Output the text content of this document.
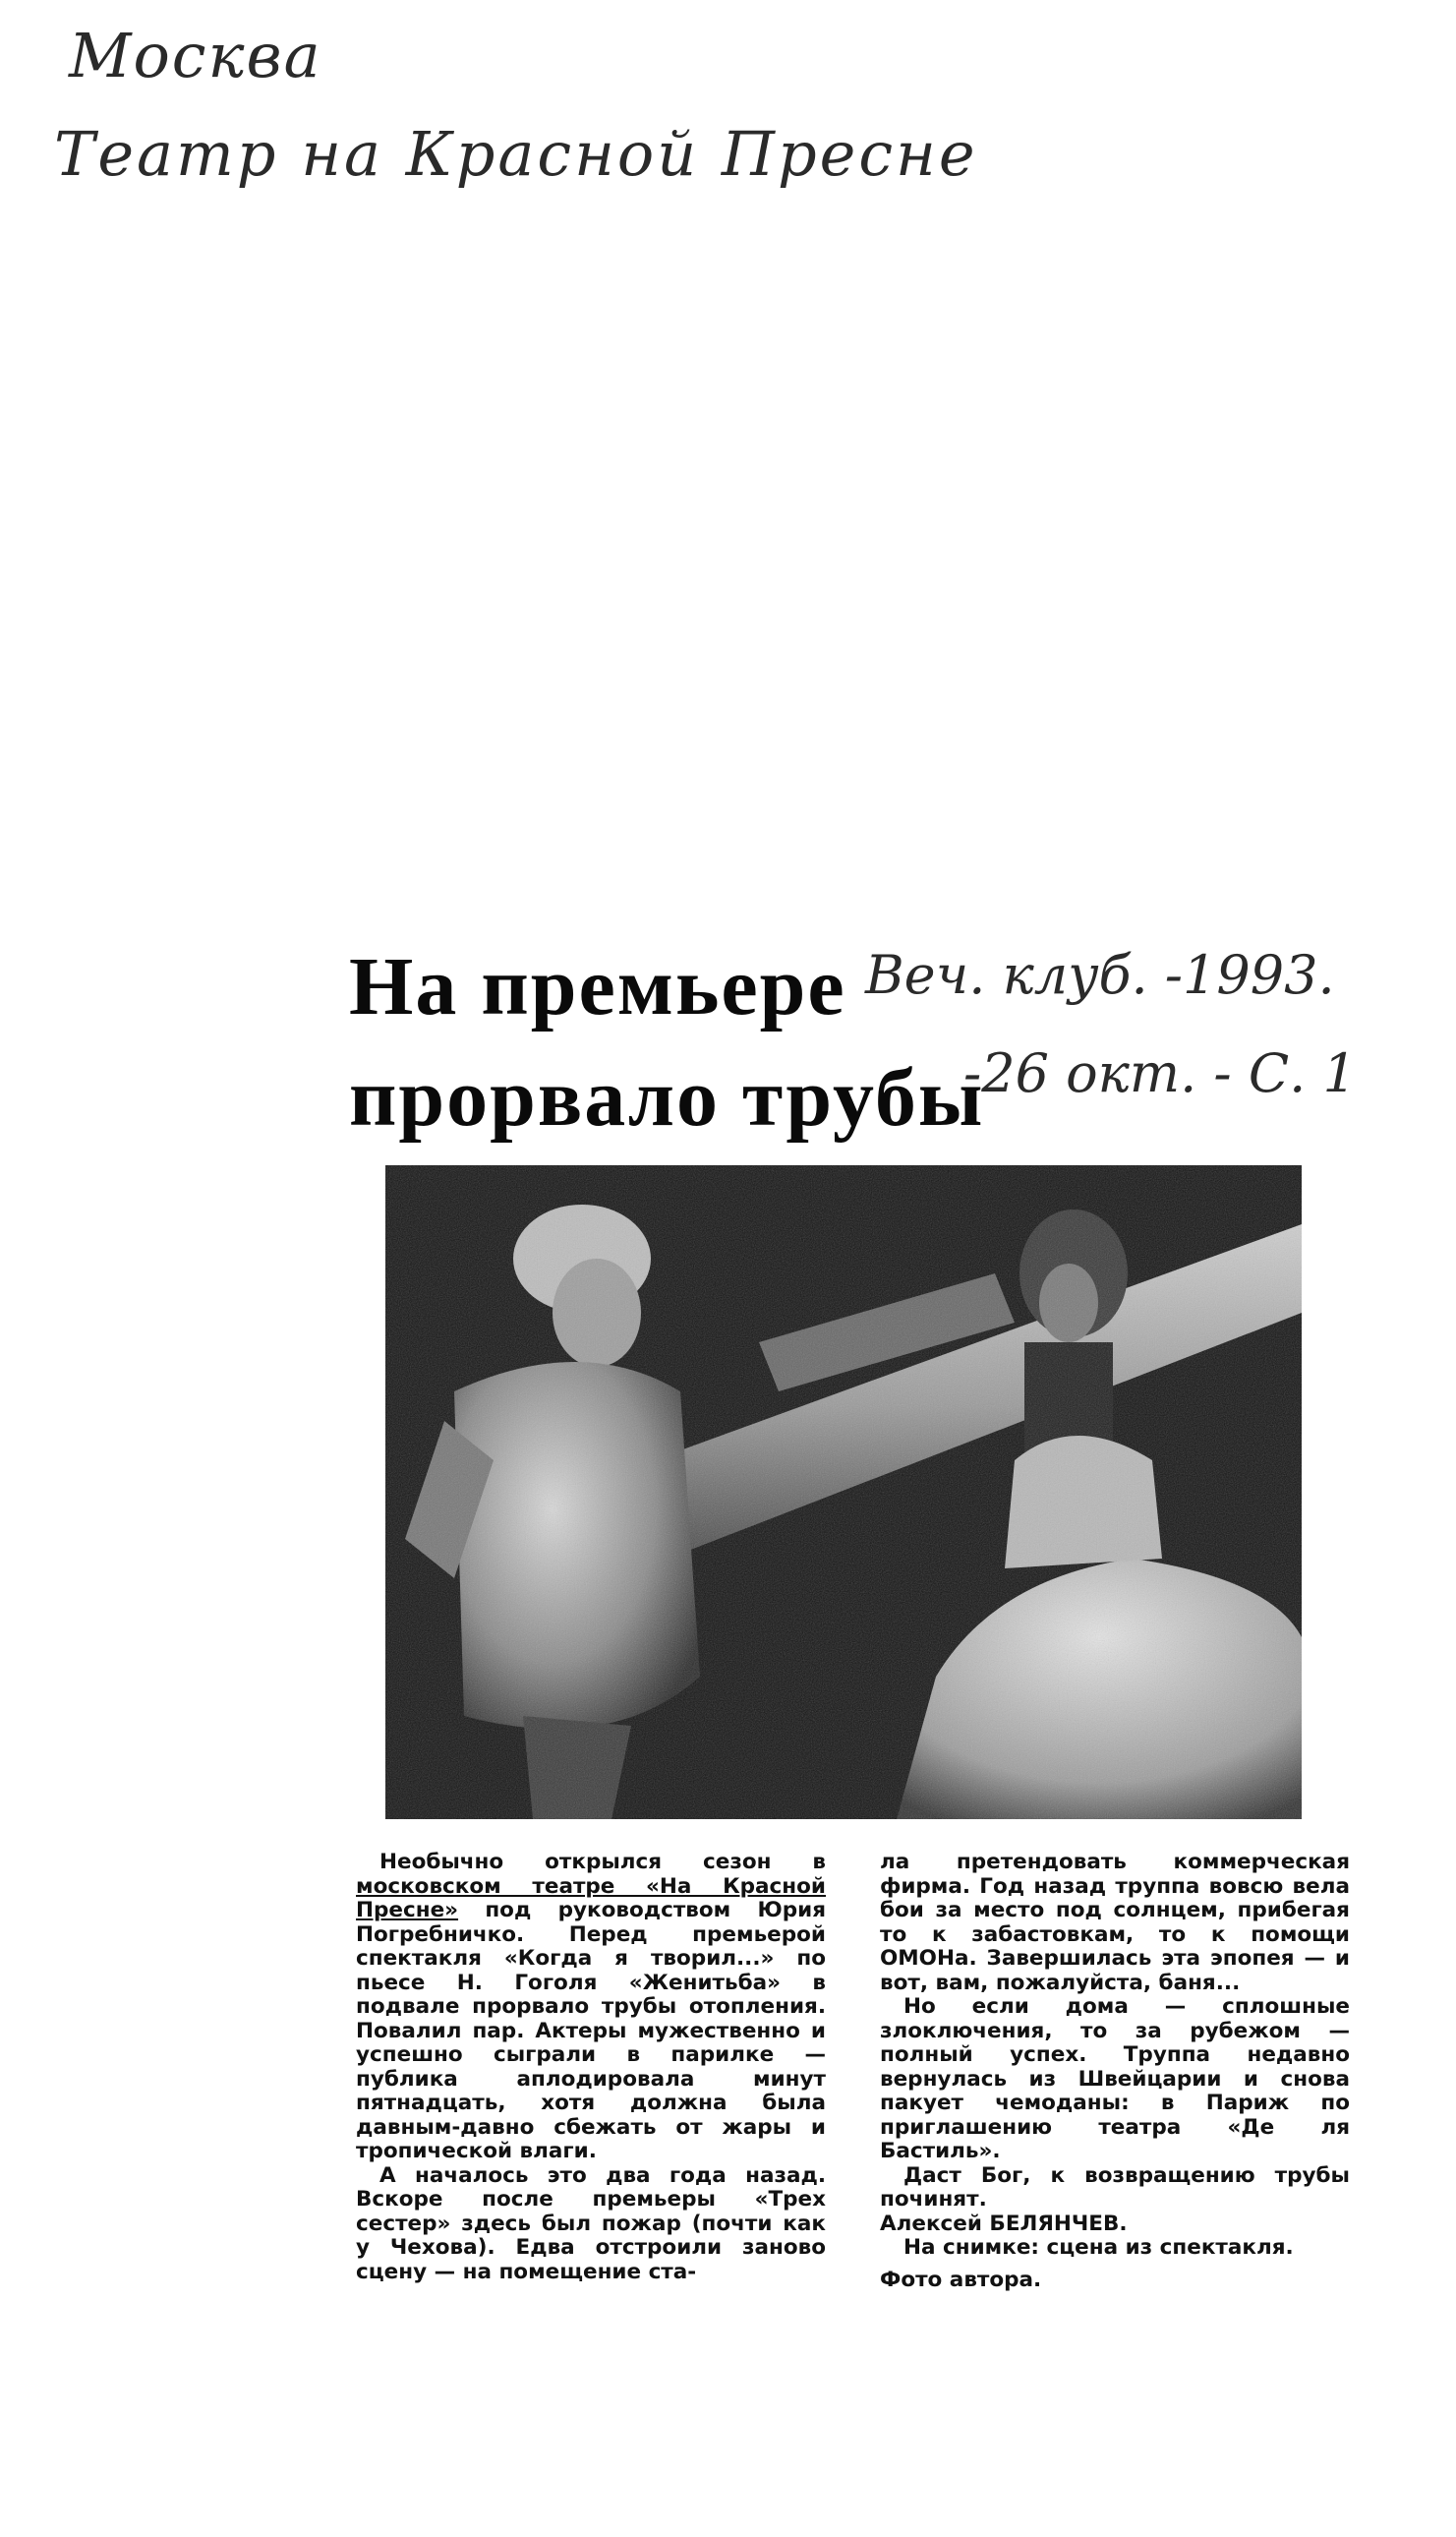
Москва
Театр на Красной Пресне
На премьере
прорвало трубы
Веч. клуб. -1993.
-26 окт. - С. 1

Необычно открылся сезон в московском театре «На Красной Пресне» под руководством Юрия Погребничко. Перед премьерой спектакля «Когда я творил...» по пьесе Н. Гоголя «Женитьба» в подвале прорвало трубы отопления. Повалил пар. Актеры мужественно и успешно сыграли в парилке — публика аплодировала минут пятнадцать, хотя должна была давным-давно сбежать от жары и тропической влаги.

А началось это два года назад. Вскоре после премьеры «Трех сестер» здесь был пожар (почти как у Чехова). Едва отстроили заново сцену — на помещение ста-

ла претендовать коммерческая фирма. Год назад труппа вовсю вела бои за место под солнцем, прибегая то к забастовкам, то к помощи ОМОНа. Завершилась эта эпопея — и вот, вам, пожалуйста, баня...

Но если дома — сплошные злоключения, то за рубежом — полный успех. Труппа недавно вернулась из Швейцарии и снова пакует чемоданы: в Париж по приглашению театра «Де ля Бастиль».

Даст Бог, к возвращению трубы починят.

Алексей БЕЛЯНЧЕВ.

На снимке: сцена из спектакля.

Фото автора.
